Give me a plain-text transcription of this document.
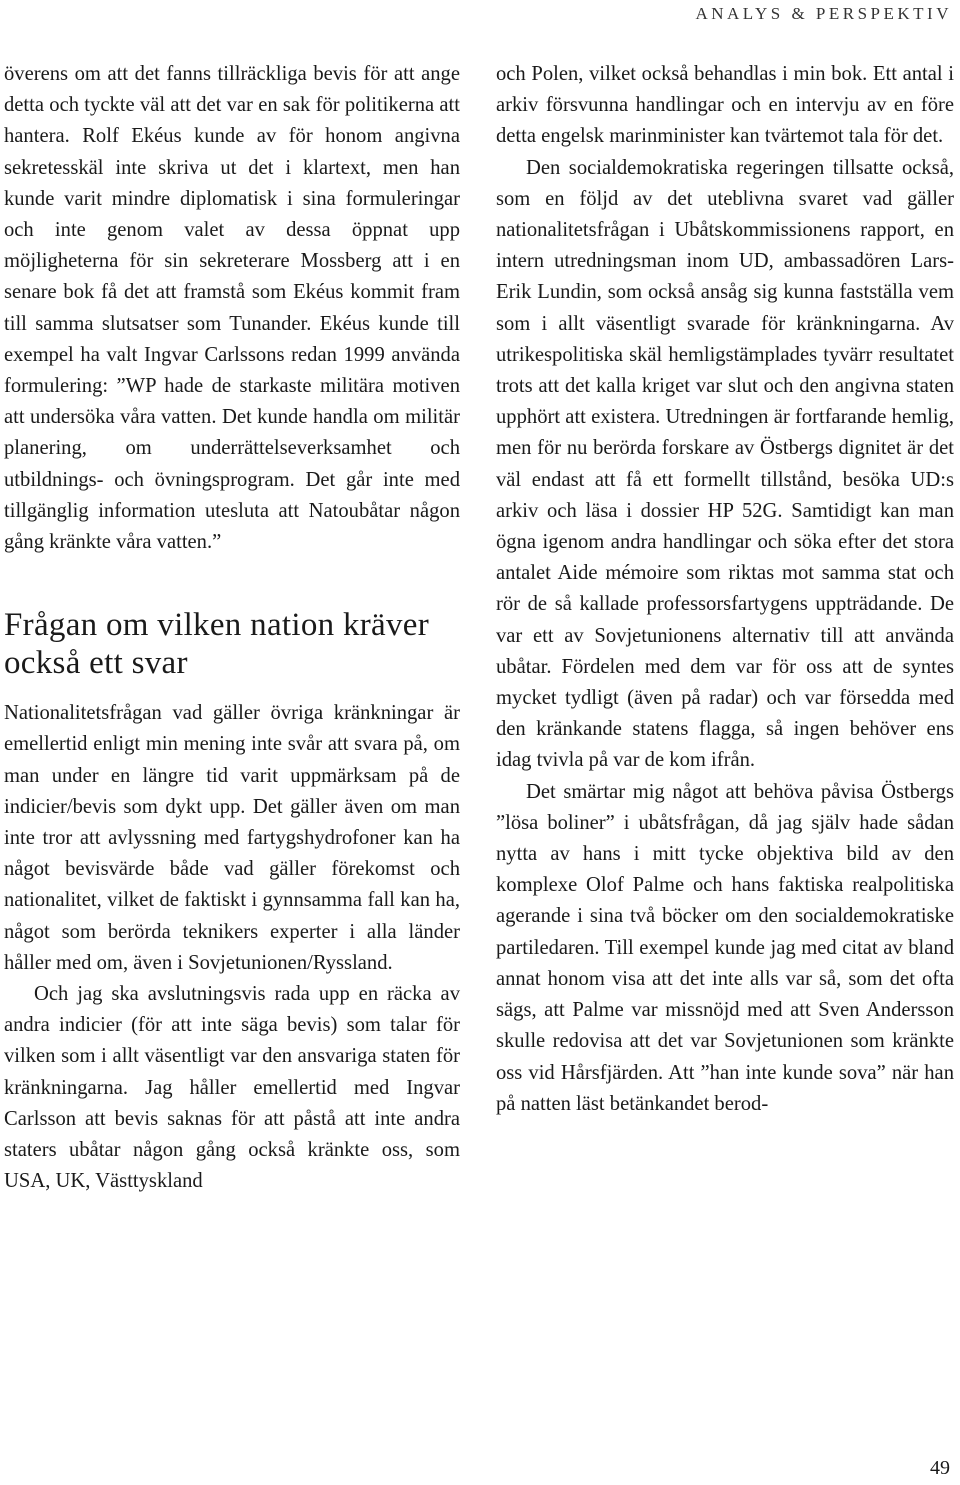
ANALYS & PERSPEKTIV

överens om att det fanns tillräckliga bevis för att ange detta och tyckte väl att det var en sak för politikerna att hantera. Rolf Ekéus kunde av för honom angivna sekretesskäl inte skriva ut det i klartext, men han kunde varit mindre diplomatisk i sina formuleringar och inte genom valet av dessa öppnat upp möjligheterna för sin sekreterare Mossberg att i en senare bok få det att framstå som Ekéus kommit fram till samma slutsatser som Tunander. Ekéus kunde till exempel ha valt Ingvar Carlssons redan 1999 använda formulering: ”WP hade de starkaste militära motiven att undersöka våra vatten. Det kunde handla om militär planering, om underrättelseverksamhet och utbildnings- och övningsprogram. Det går inte med tillgänglig information utesluta att Natoubåtar någon gång kränkte våra vatten.”

Frågan om vilken nation kräver också ett svar

Nationalitetsfrågan vad gäller övriga kränkningar är emellertid enligt min mening inte svår att svara på, om man under en längre tid varit uppmärksam på de indicier/bevis som dykt upp. Det gäller även om man inte tror att avlyssning med fartygshydrofoner kan ha något bevisvärde både vad gäller förekomst och nationalitet, vilket de faktiskt i gynnsamma fall kan ha, något som berörda teknikers experter i alla länder håller med om, även i Sovjetunionen/Ryssland.

Och jag ska avslutningsvis rada upp en räcka av andra indicier (för att inte säga bevis) som talar för vilken som i allt väsentligt var den ansvariga staten för kränkningarna. Jag håller emellertid med Ingvar Carlsson att bevis saknas för att påstå att inte andra staters ubåtar någon gång också kränkte oss, som USA, UK, Västtyskland

och Polen, vilket också behandlas i min bok. Ett antal i arkiv försvunna handlingar och en intervju av en före detta engelsk marinminister kan tvärtemot tala för det.

Den socialdemokratiska regeringen tillsatte också, som en följd av det uteblivna svaret vad gäller nationalitetsfrågan i Ubåtskommissionens rapport, en intern utredningsman inom UD, ambassadören Lars-Erik Lundin, som också ansåg sig kunna fastställa vem som i allt väsentligt svarade för kränkningarna. Av utrikespolitiska skäl hemligstämplades tyvärr resultatet trots att det kalla kriget var slut och den angivna staten upphört att existera. Utredningen är fortfarande hemlig, men för nu berörda forskare av Östbergs dignitet är det väl endast att få ett formellt tillstånd, besöka UD:s arkiv och läsa i dossier HP 52G. Samtidigt kan man ögna igenom andra handlingar och söka efter det stora antalet Aide mémoire som riktas mot samma stat och rör de så kallade professorsfartygens uppträdande. De var ett av Sovjetunionens alternativ till att använda ubåtar. Fördelen med dem var för oss att de syntes mycket tydligt (även på radar) och var försedda med den kränkande statens flagga, så ingen behöver ens idag tvivla på var de kom ifrån.

Det smärtar mig något att behöva påvisa Östbergs ”lösa boliner” i ubåtsfrågan, då jag själv hade sådan nytta av hans i mitt tycke objektiva bild av den komplexe Olof Palme och hans faktiska realpolitiska agerande i sina två böcker om den socialdemokratiske partiledaren. Till exempel kunde jag med citat av bland annat honom visa att det inte alls var så, som det ofta sägs, att Palme var missnöjd med att Sven Andersson skulle redovisa att det var Sovjetunionen som kränkte oss vid Hårsfjärden. Att ”han inte kunde sova” när han på natten läst betänkandet berod-

49
